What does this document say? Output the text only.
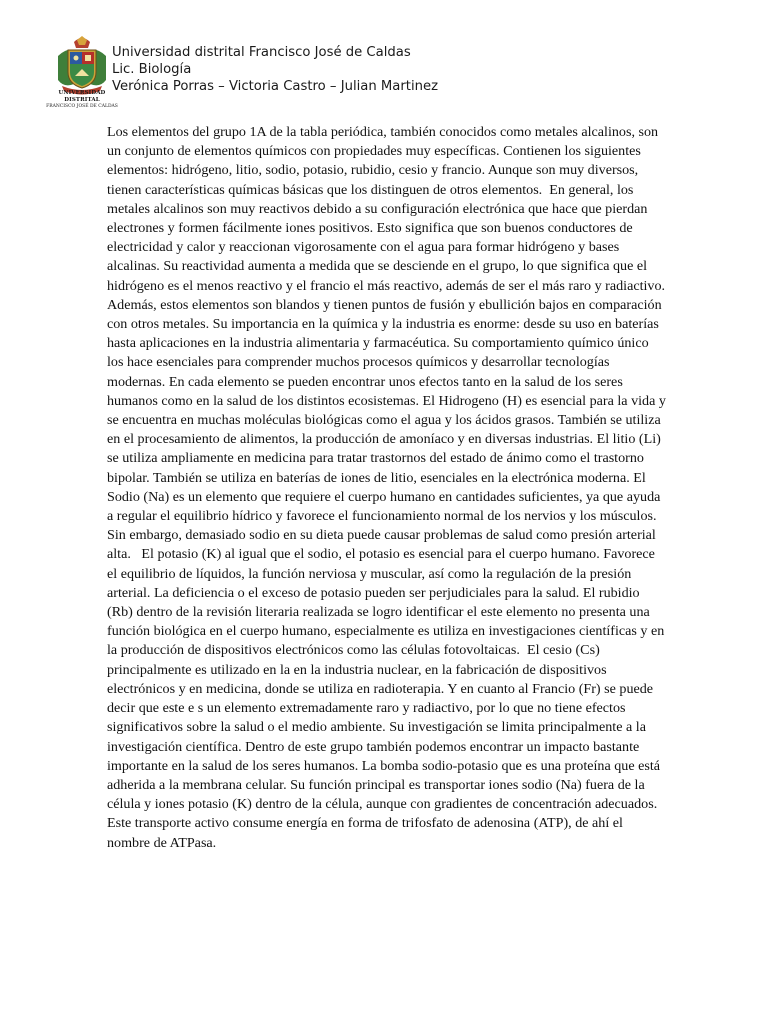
UNIVERSIDAD DISTRITAL
FRANCISCO JOSÉ DE CALDAS
Universidad distrital Francisco José de Caldas
Lic. Biología
Verónica Porras – Victoria Castro – Julian Martinez
Los elementos del grupo 1A de la tabla periódica, también conocidos como metales alcalinos, son un conjunto de elementos químicos con propiedades muy específicas. Contienen los siguientes elementos: hidrógeno, litio, sodio, potasio, rubidio, cesio y francio. Aunque son muy diversos, tienen características químicas básicas que los distinguen de otros elementos.  En general, los metales alcalinos son muy reactivos debido a su configuración electrónica que hace que pierdan electrones y formen fácilmente iones positivos. Esto significa que son buenos conductores de electricidad y calor y reaccionan vigorosamente con el agua para formar hidrógeno y bases alcalinas. Su reactividad aumenta a medida que se desciende en el grupo, lo que significa que el hidrógeno es el menos reactivo y el francio el más reactivo, además de ser el más raro y radiactivo. Además, estos elementos son blandos y tienen puntos de fusión y ebullición bajos en comparación con otros metales. Su importancia en la química y la industria es enorme: desde su uso en baterías hasta aplicaciones en la industria alimentaria y farmacéutica. Su comportamiento químico único los hace esenciales para comprender muchos procesos químicos y desarrollar tecnologías modernas. En cada elemento se pueden encontrar unos efectos tanto en la salud de los seres humanos como en la salud de los distintos ecosistemas. El Hidrogeno (H) es esencial para la vida y se encuentra en muchas moléculas biológicas como el agua y los ácidos grasos. También se utiliza en el procesamiento de alimentos, la producción de amoníaco y en diversas industrias. El litio (Li) se utiliza ampliamente en medicina para tratar trastornos del estado de ánimo como el trastorno bipolar. También se utiliza en baterías de iones de litio, esenciales en la electrónica moderna. El Sodio (Na) es un elemento que requiere el cuerpo humano en cantidades suficientes, ya que ayuda a regular el equilibrio hídrico y favorece el funcionamiento normal de los nervios y los músculos. Sin embargo, demasiado sodio en su dieta puede causar problemas de salud como presión arterial alta.   El potasio (K) al igual que el sodio, el potasio es esencial para el cuerpo humano. Favorece el equilibrio de líquidos, la función nerviosa y muscular, así como la regulación de la presión arterial. La deficiencia o el exceso de potasio pueden ser perjudiciales para la salud. El rubidio (Rb) dentro de la revisión literaria realizada se logro identificar el este elemento no presenta una función biológica en el cuerpo humano, especialmente es utiliza en investigaciones científicas y en la producción de dispositivos electrónicos como las células fotovoltaicas.  El cesio (Cs) principalmente es utilizado en la en la industria nuclear, en la fabricación de dispositivos electrónicos y en medicina, donde se utiliza en radioterapia. Y en cuanto al Francio (Fr) se puede decir que este e s un elemento extremadamente raro y radiactivo, por lo que no tiene efectos significativos sobre la salud o el medio ambiente. Su investigación se limita principalmente a la investigación científica. Dentro de este grupo también podemos encontrar un impacto bastante importante en la salud de los seres humanos. La bomba sodio-potasio que es una proteína que está adherida a la membrana celular. Su función principal es transportar iones sodio (Na) fuera de la célula y iones potasio (K) dentro de la célula, aunque con gradientes de concentración adecuados. Este transporte activo consume energía en forma de trifosfato de adenosina (ATP), de ahí el nombre de ATPasa.
